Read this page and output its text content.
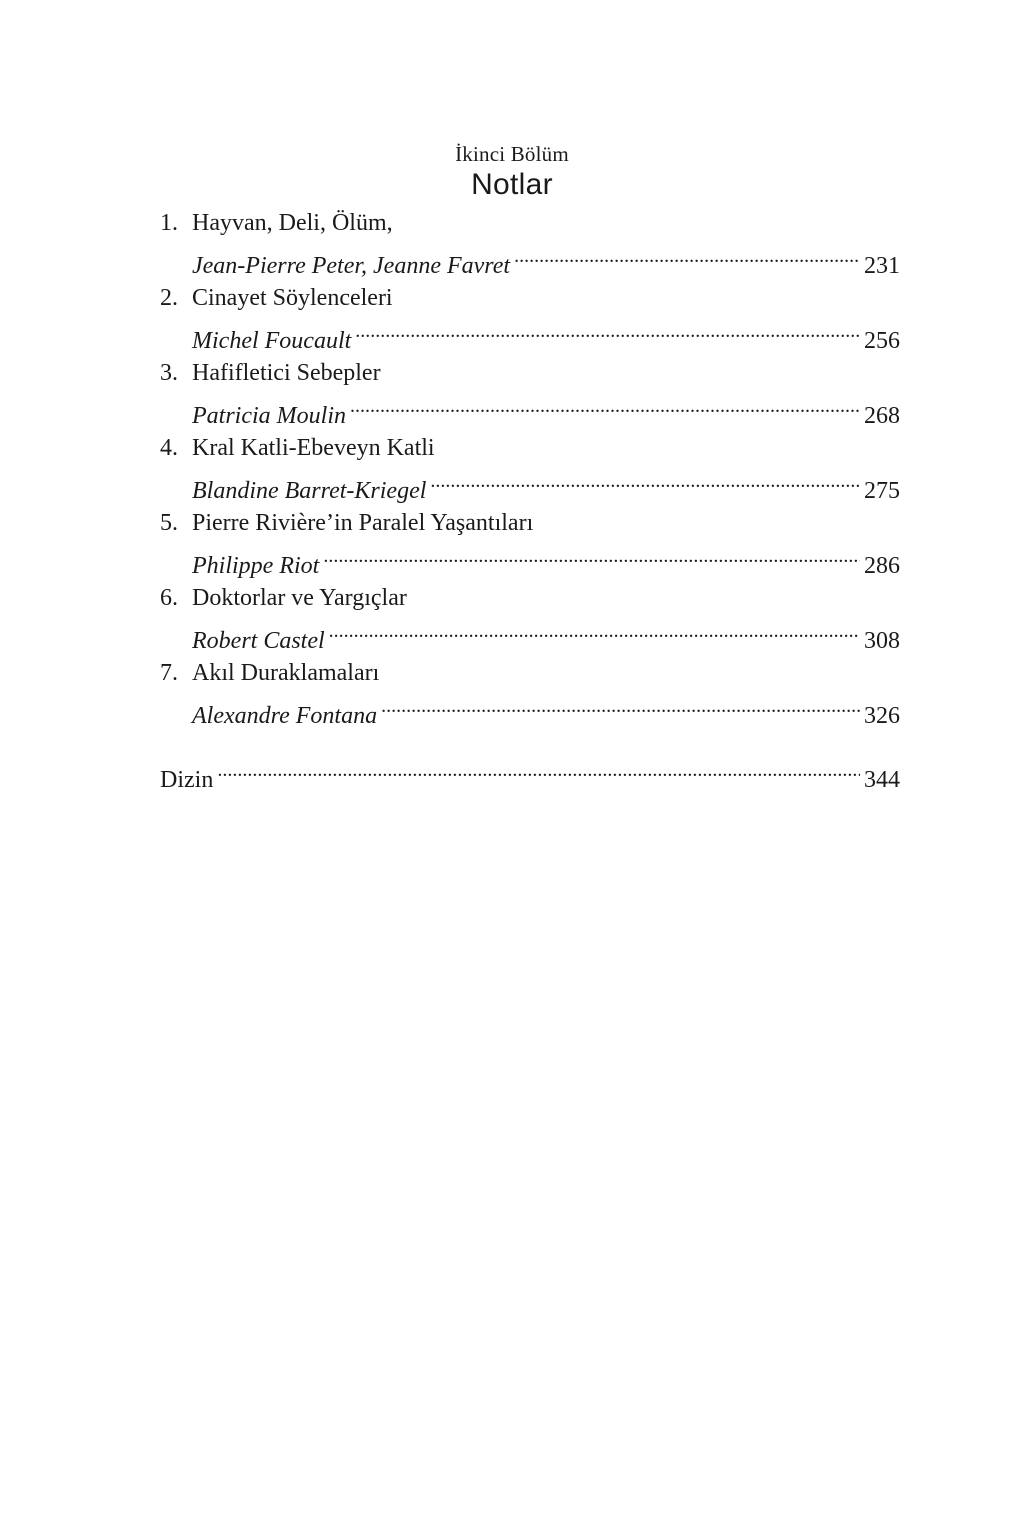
İkinci Bölüm
Notlar
1. Hayvan, Deli, Ölüm,
Jean-Pierre Peter, Jeanne Favret .....	231
2. Cinayet Söylenceleri
Michel Foucault .....	256
3. Hafifletici Sebepler
Patricia Moulin .....	268
4. Kral Katli-Ebeveyn Katli
Blandine Barret-Kriegel .....	275
5. Pierre Rivière’in Paralel Yaşantıları
Philippe Riot .....	286
6. Doktorlar ve Yargıçlar
Robert Castel .....	308
7. Akıl Duraklamaları
Alexandre Fontana .....	326
Dizin .....	344
